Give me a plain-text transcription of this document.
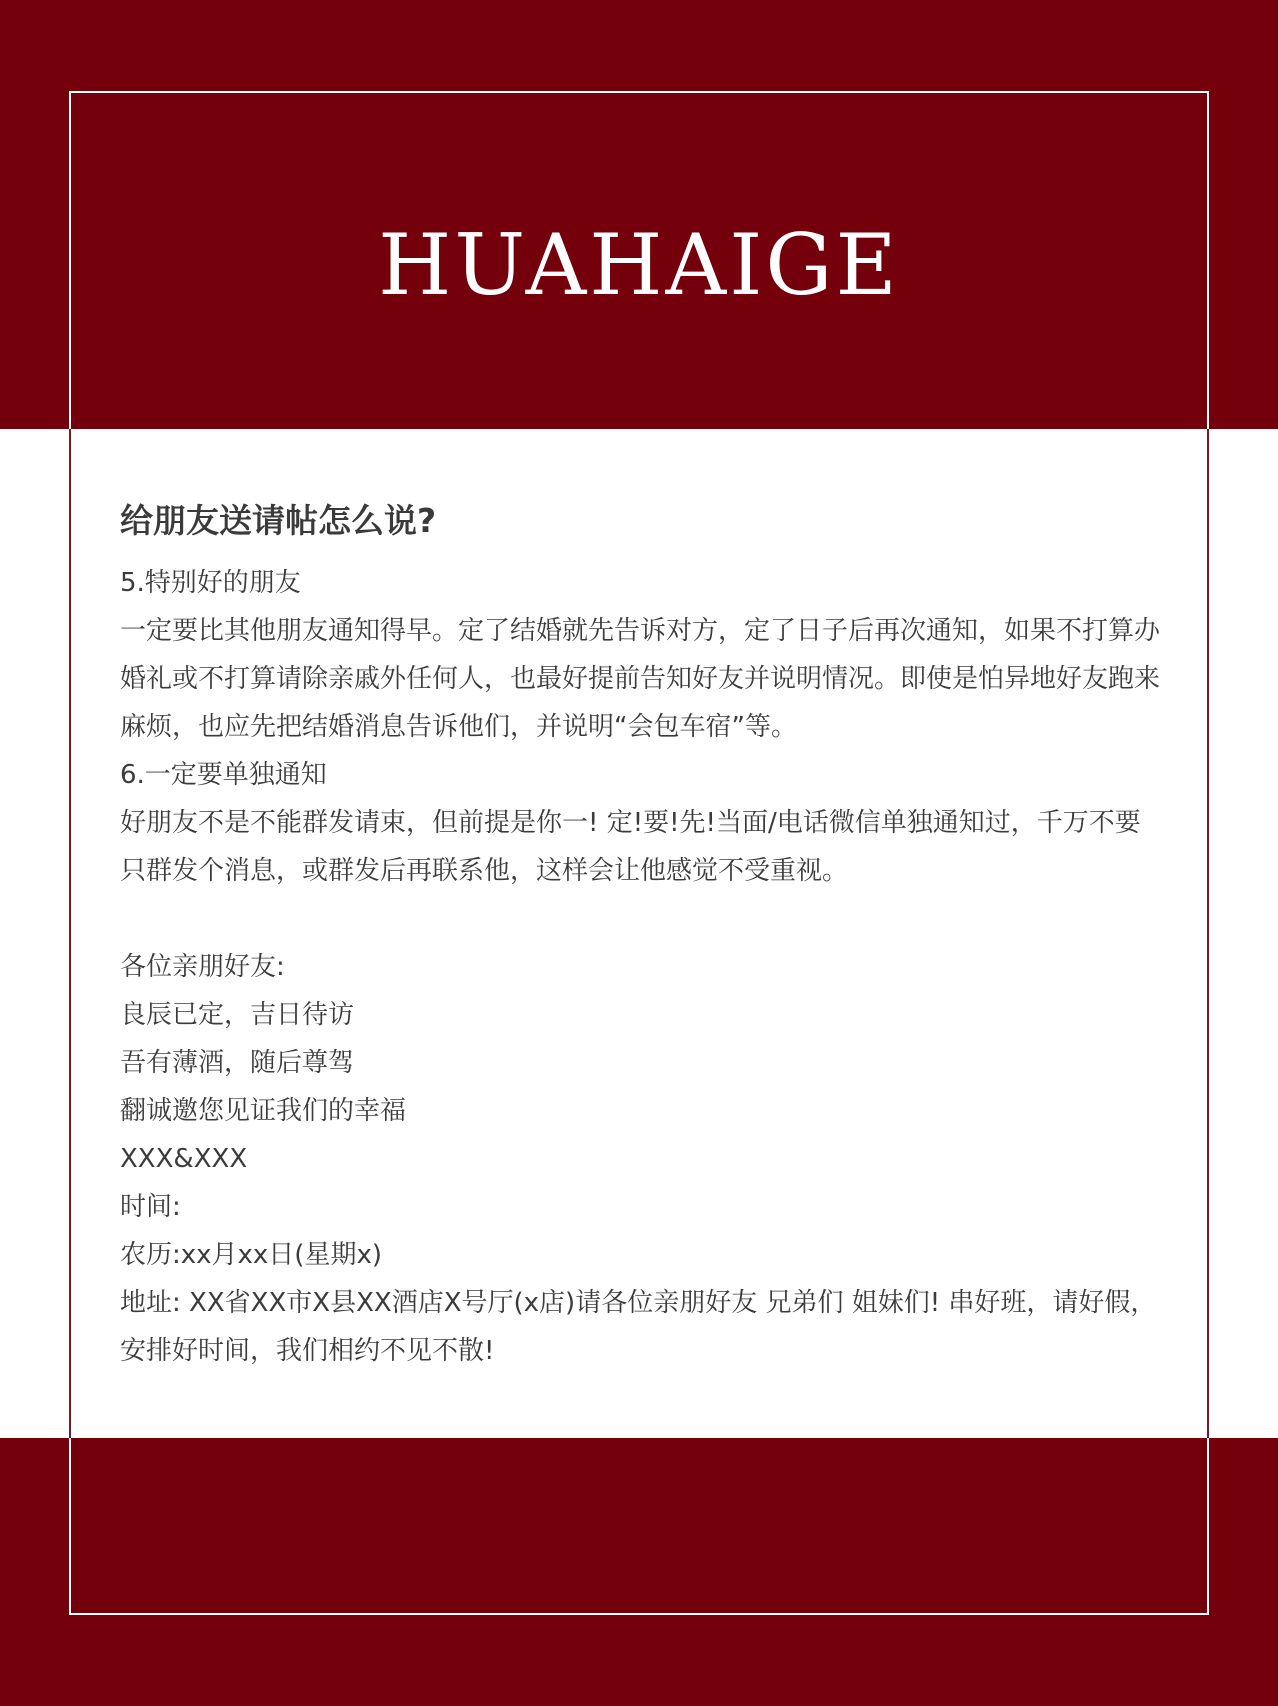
HUAHAIGE

给朋友送请帖怎么说?

5.特别好的朋友

一定要比其他朋友通知得早。定了结婚就先告诉对方，定了日子后再次通知，如果不打算办婚礼或不打算请除亲戚外任何人，也最好提前告知好友并说明情况。即使是怕异地好友跑来麻烦，也应先把结婚消息告诉他们，并说明“会包车宿”等。

6.一定要单独通知

好朋友不是不能群发请束，但前提是你一! 定!要!先!当面/电话微信单独通知过，千万不要只群发个消息，或群发后再联系他，这样会让他感觉不受重视。

各位亲朋好友:

良辰已定，吉日待访

吾有薄酒，随后尊驾

翻诚邀您见证我们的幸福

XXX&XXX

时间:

农历:xx月xx日(星期x)

地址: XX省XX市X县XX酒店X号厅(x店)请各位亲朋好友 兄弟们 姐妹们! 串好班，请好假，安排好时间，我们相约不见不散!
